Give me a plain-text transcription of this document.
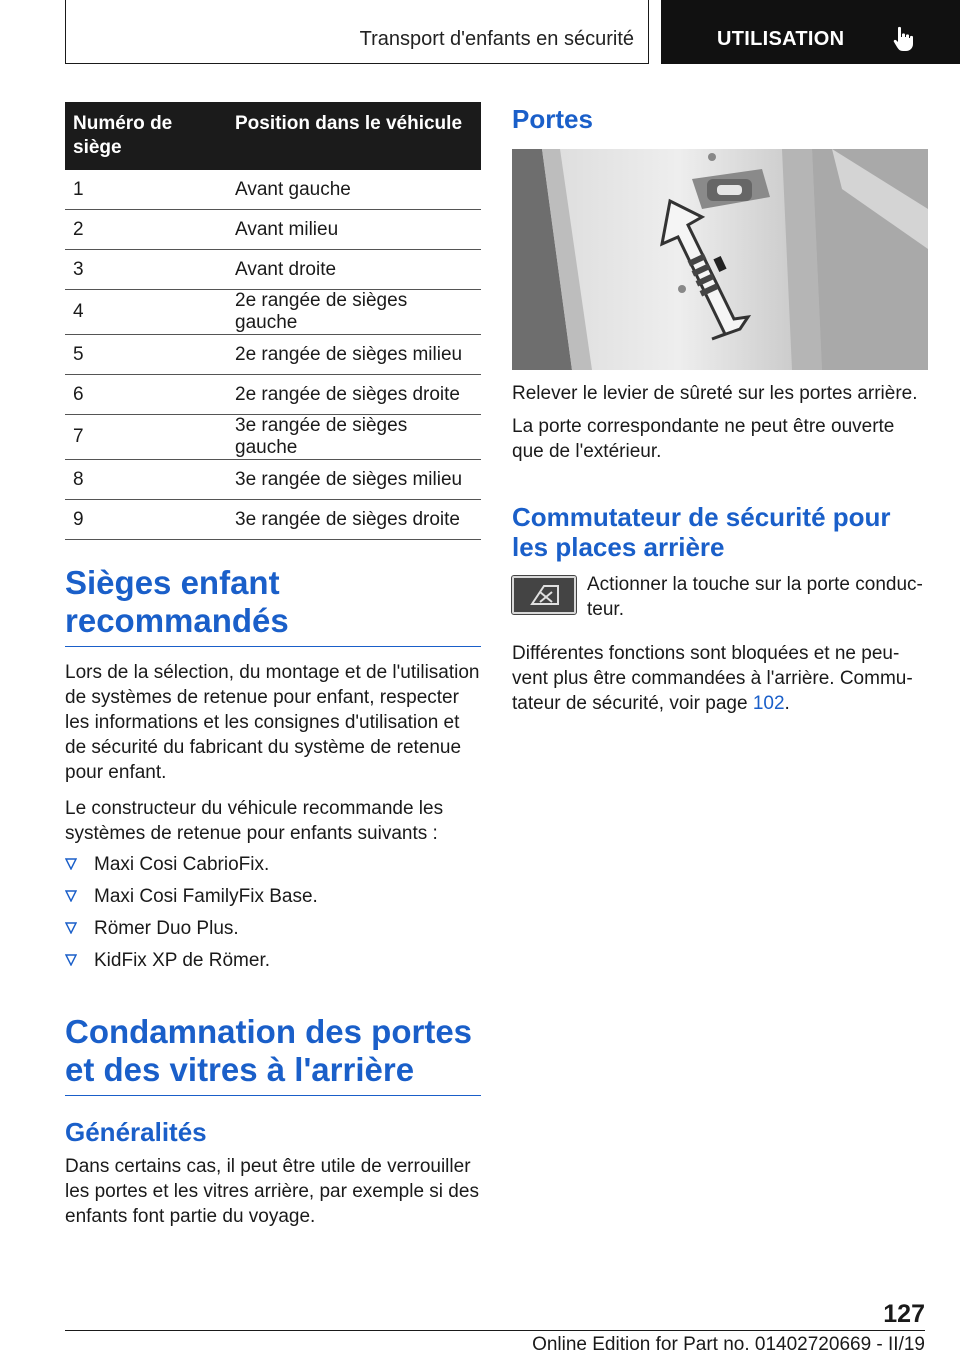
Transport d'enfants en sécurité	UTILISATION
Numéro de siège	Position dans le véhicule
1	Avant gauche
2	Avant milieu
3	Avant droite
4	2e rangée de sièges gauche
5	2e rangée de sièges milieu
6	2e rangée de sièges droite
7	3e rangée de sièges gauche
8	3e rangée de sièges milieu
9	3e rangée de sièges droite
Sièges enfant recommandés

Lors de la sélection, du montage et de l'utilisation de systèmes de retenue pour enfant, respecter les informations et les consignes d'utilisation et de sécurité du fabricant du système de retenue pour enfant.

Le constructeur du véhicule recommande les systèmes de retenue pour enfants suivants :

Maxi Cosi CabrioFix.
Maxi Cosi FamilyFix Base.
Römer Duo Plus.
KidFix XP de Römer.
Condamnation des portes et des vitres à l'arrière
Généralités

Dans certains cas, il peut être utile de verrouiller les portes et les vitres arrière, par exemple si des enfants font partie du voyage.

Portes

Relever le levier de sûreté sur les portes arrière.

La porte correspondante ne peut être ouverte que de l'extérieur.

Commutateur de sécurité pour les places arrière

Actionner la touche sur la porte conducteur.

Différentes fonctions sont bloquées et ne peuvent plus être commandées à l'arrière. Commutateur de sécurité, voir page 102.

127
Online Edition for Part no. 01402720669 - II/19
